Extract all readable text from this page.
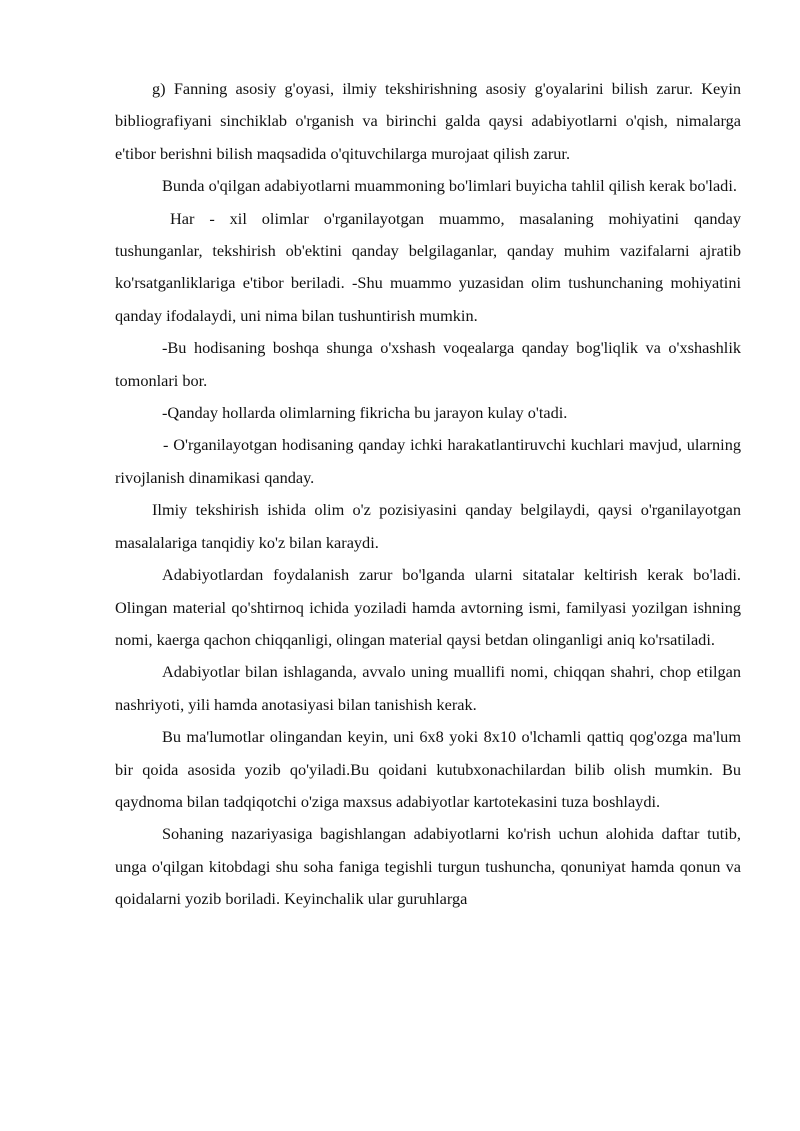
g) Fanning asosiy g'oyasi, ilmiy tekshirishning asosiy g'oyalarini bilish zarur. Keyin bibliografiyani sinchiklab o'rganish va birinchi galda qaysi adabiyotlarni o'qish, nimalarga e'tibor berishni bilish maqsadida o'qituvchilarga murojaat qilish zarur.

Bunda o'qilgan adabiyotlarni muammoning bo'limlari buyicha tahlil qilish kerak bo'ladi.

Har - xil olimlar o'rganilayotgan muammo, masalaning mohiyatini qanday tushunganlar, tekshirish ob'ektini qanday belgilaganlar, qanday muhim vazifalarni ajratib ko'rsatganliklariga e'tibor beriladi. -Shu muammo yuzasidan olim tushunchaning mohiyatini qanday ifodalaydi, uni nima bilan tushuntirish mumkin.

-Bu hodisaning boshqa shunga o'xshash voqealarga qanday bog'liqlik va o'xshashlik tomonlari bor.

-Qanday hollarda olimlarning fikricha bu jarayon kulay o'tadi.

- O'rganilayotgan hodisaning qanday ichki harakatlantiruvchi kuchlari mavjud, ularning rivojlanish dinamikasi qanday.

Ilmiy tekshirish ishida olim o'z pozisiyasini qanday belgilaydi, qaysi o'rganilayotgan masalalariga tanqidiy ko'z bilan karaydi.

Adabiyotlardan foydalanish zarur bo'lganda ularni sitatalar keltirish kerak bo'ladi. Olingan material qo'shtirnoq ichida yoziladi hamda avtorning ismi, familyasi yozilgan ishning nomi, kaerga qachon chiqqanligi, olingan material qaysi betdan olinganligi aniq ko'rsatiladi.

Adabiyotlar bilan ishlaganda, avvalo uning muallifi nomi, chiqqan shahri, chop etilgan nashriyoti, yili hamda anotasiyasi bilan tanishish kerak.

Bu ma'lumotlar olingandan keyin, uni 6x8 yoki 8x10 o'lchamli qattiq qog'ozga ma'lum bir qoida asosida yozib qo'yiladi.Bu qoidani kutubxonachilardan bilib olish mumkin. Bu qaydnoma bilan tadqiqotchi o'ziga maxsus adabiyotlar kartotekasini tuza boshlaydi.

Sohaning nazariyasiga bagishlangan adabiyotlarni ko'rish uchun alohida daftar tutib, unga o'qilgan kitobdagi shu soha faniga tegishli turgun tushuncha, qonuniyat hamda qonun va qoidalarni yozib boriladi. Keyinchalik ular guruhlarga
